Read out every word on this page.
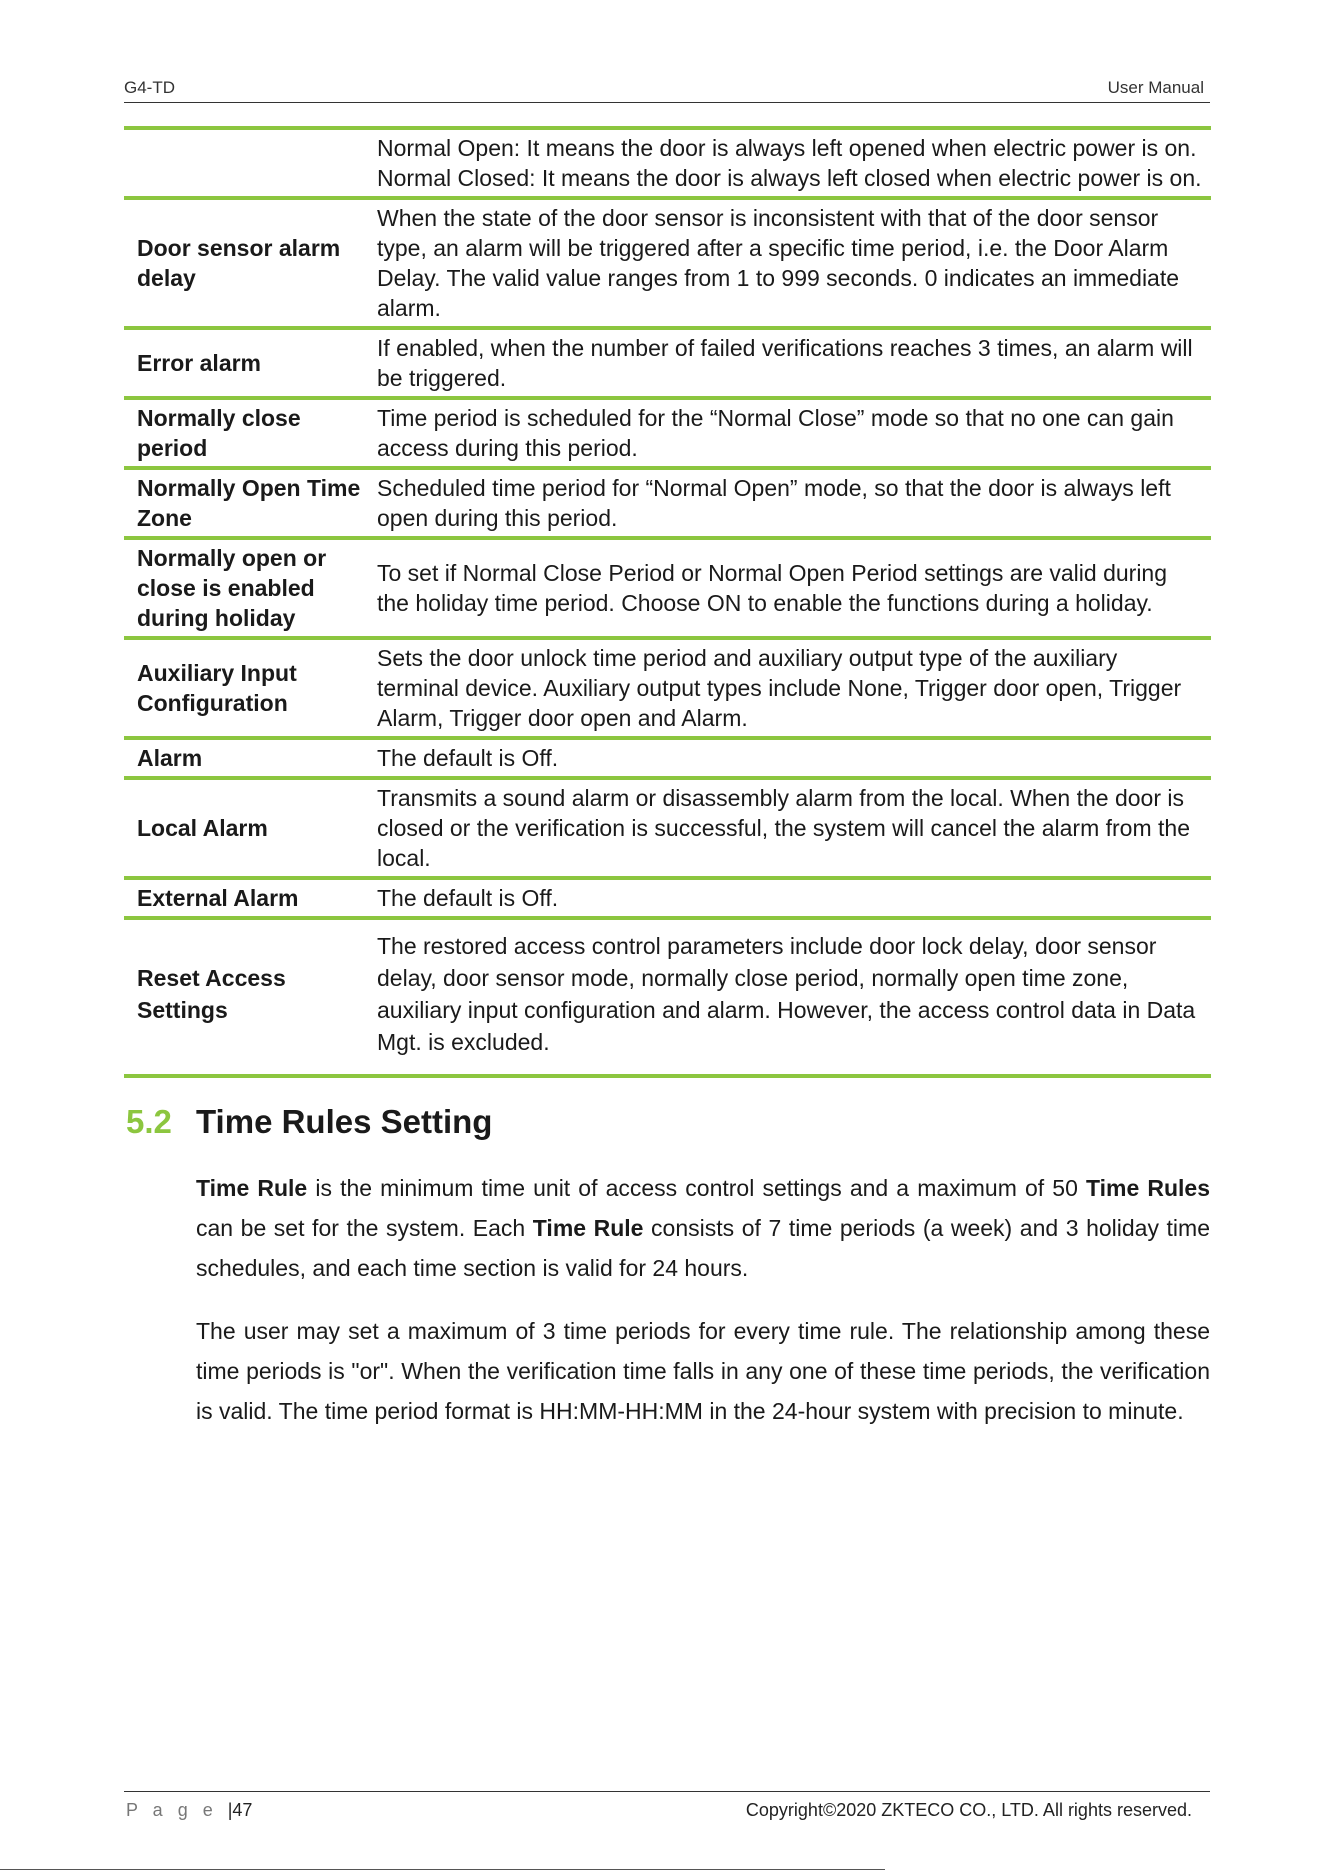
G4-TD	User Manual

	Normal Open: It means the door is always left opened when electric power is on.
Normal Closed: It means the door is always left closed when electric power is on.

Door sensor alarm delay	When the state of the door sensor is inconsistent with that of the door sensor type, an alarm will be triggered after a specific time period, i.e. the Door Alarm Delay. The valid value ranges from 1 to 999 seconds. 0 indicates an immediate alarm.
Error alarm	If enabled, when the number of failed verifications reaches 3 times, an alarm will be triggered.
Normally close period	Time period is scheduled for the “Normal Close” mode so that no one can gain access during this period.
Normally Open Time Zone	Scheduled time period for “Normal Open” mode, so that the door is always left open during this period.
Normally open or close is enabled during holiday	To set if Normal Close Period or Normal Open Period settings are valid during the holiday time period. Choose ON to enable the functions during a holiday.
Auxiliary Input Configuration	Sets the door unlock time period and auxiliary output type of the auxiliary terminal device. Auxiliary output types include None, Trigger door open, Trigger Alarm, Trigger door open and Alarm.
Alarm	The default is Off.
Local Alarm	Transmits a sound alarm or disassembly alarm from the local. When the door is closed or the verification is successful, the system will cancel the alarm from the local.
External Alarm	The default is Off.
Reset Access Settings	The restored access control parameters include door lock delay, door sensor delay, door sensor mode, normally close period, normally open time zone, auxiliary input configuration and alarm. However, the access control data in Data Mgt. is excluded.
5.2 Time Rules Setting

Time Rule is the minimum time unit of access control settings and a maximum of 50 Time Rules can be set for the system. Each Time Rule consists of 7 time periods (a week) and 3 holiday time schedules, and each time section is valid for 24 hours.

The user may set a maximum of 3 time periods for every time rule. The relationship among these time periods is "or". When the verification time falls in any one of these time periods, the verification is valid. The time period format is HH:MM-HH:MM in the 24-hour system with precision to minute.

P a g e |47	Copyright©2020 ZKTECO CO., LTD. All rights reserved.
